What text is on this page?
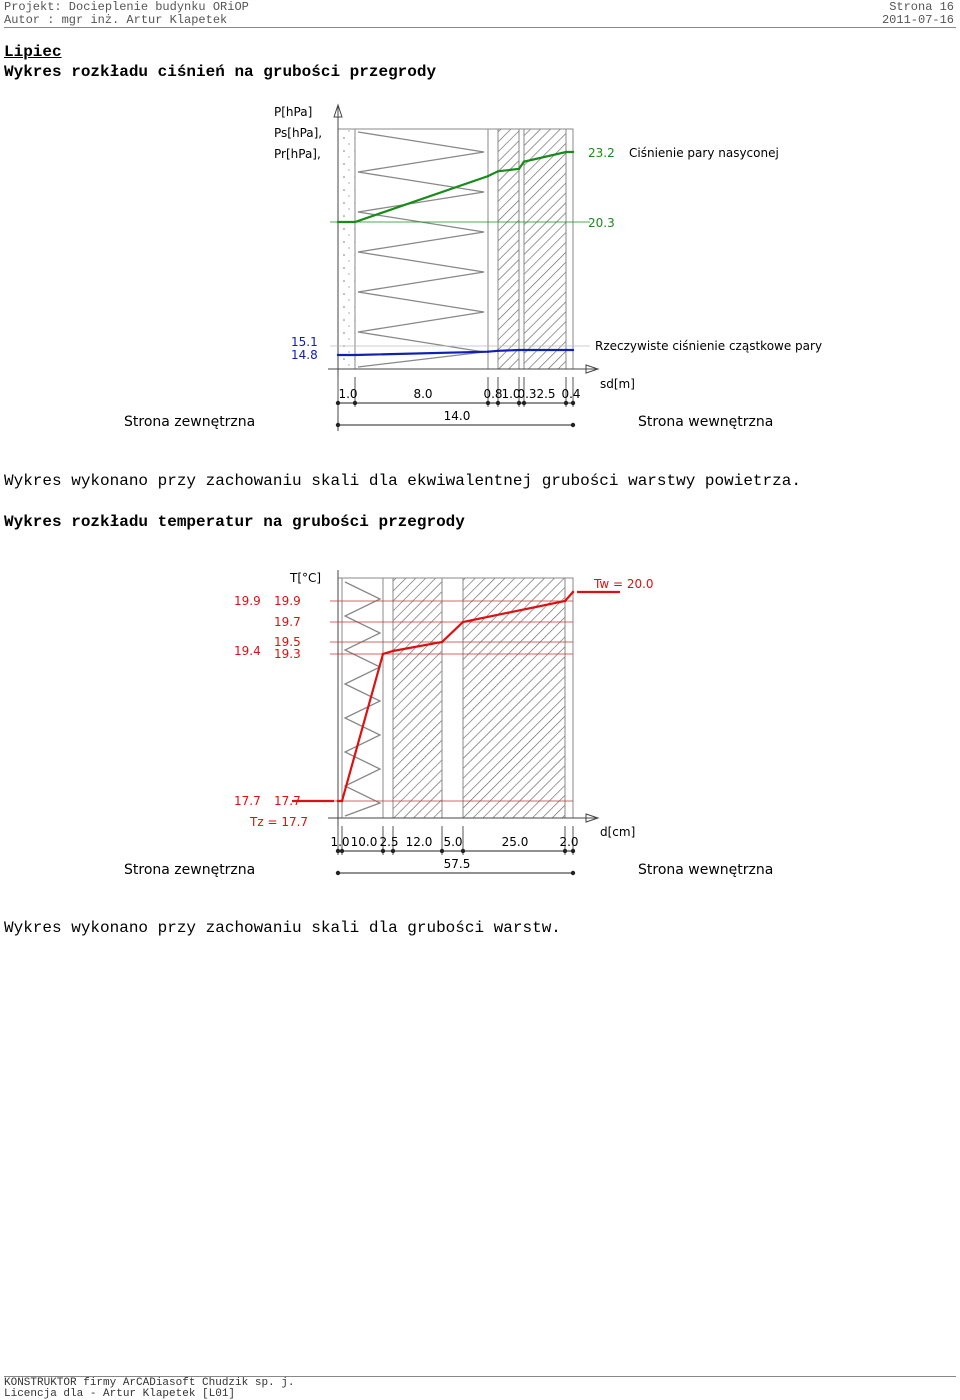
Projekt: Docieplenie budynku ORiOP	Strona 16
Autor : mgr inż. Artur Klapetek	2011-07-16
Lipiec
Wykres rozkładu ciśnień na grubości przegrody
P[hPa]
Ps[hPa],
Pr[hPa],
sd[m]
20.3
23.2 Ciśnienie pary nasyconej
15.1
14.8
Rzeczywiste ciśnienie cząstkowe pary
1.0	8.0	0.8
1.0
0.3 2.5 0.4
14.0
Strona zewnętrzna	Strona wewnętrzna
Wykres wykonano przy zachowaniu skali dla ekwiwalentnej grubości warstwy powietrza.
Wykres rozkładu temperatur na grubości przegrody
T[°C]
d[cm]
19.9
19.7
19.5
19.3
17.7
19.9
19.4
17.7
Tz = 17.7
Tw = 20.0
1.0 10.0 2.5 12.0 5.0	25.0	2.0
57.5
Strona zewnętrzna	Strona wewnętrzna
Wykres wykonano przy zachowaniu skali dla grubości warstw.
KONSTRUKTOR firmy ArCADiasoft Chudzik sp. j.
Licencja dla - Artur Klapetek [L01]
